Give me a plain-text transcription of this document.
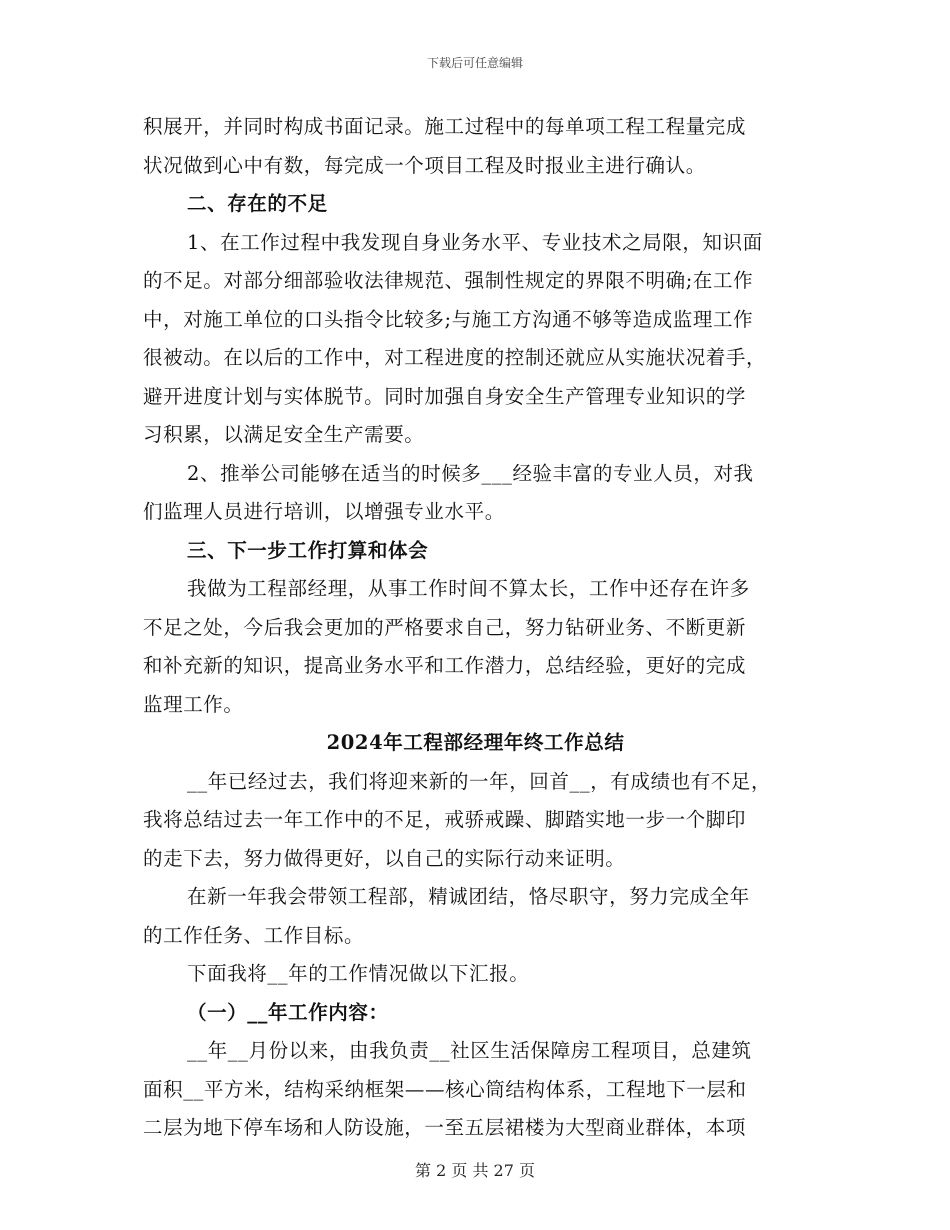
下载后可任意编辑
积展开，并同时构成书面记录。施工过程中的每单项工程工程量完成
状况做到心中有数，每完成一个项目工程及时报业主进行确认。
二、存在的不足
1、在工作过程中我发现自身业务水平、专业技术之局限，知识面
的不足。对部分细部验收法律规范、强制性规定的界限不明确;在工作
中，对施工单位的口头指令比较多;与施工方沟通不够等造成监理工作
很被动。在以后的工作中，对工程进度的控制还就应从实施状况着手，
避开进度计划与实体脱节。同时加强自身安全生产管理专业知识的学
习积累，以满足安全生产需要。
2、推举公司能够在适当的时候多___经验丰富的专业人员，对我
们监理人员进行培训，以增强专业水平。
三、下一步工作打算和体会
我做为工程部经理，从事工作时间不算太长，工作中还存在许多
不足之处，今后我会更加的严格要求自己，努力钻研业务、不断更新
和补充新的知识，提高业务水平和工作潜力，总结经验，更好的完成
监理工作。
2024年工程部经理年终工作总结
__年已经过去，我们将迎来新的一年，回首__，有成绩也有不足，
我将总结过去一年工作中的不足，戒骄戒躁、脚踏实地一步一个脚印
的走下去，努力做得更好，以自己的实际行动来证明。
在新一年我会带领工程部，精诚团结，恪尽职守，努力完成全年
的工作任务、工作目标。
下面我将__年的工作情况做以下汇报。
（一）__年工作内容：
__年__月份以来，由我负责__社区生活保障房工程项目，总建筑
面积__平方米，结构采纳框架——核心筒结构体系，工程地下一层和
二层为地下停车场和人防设施，一至五层裙楼为大型商业群体，本项
第 2 页 共 27 页
